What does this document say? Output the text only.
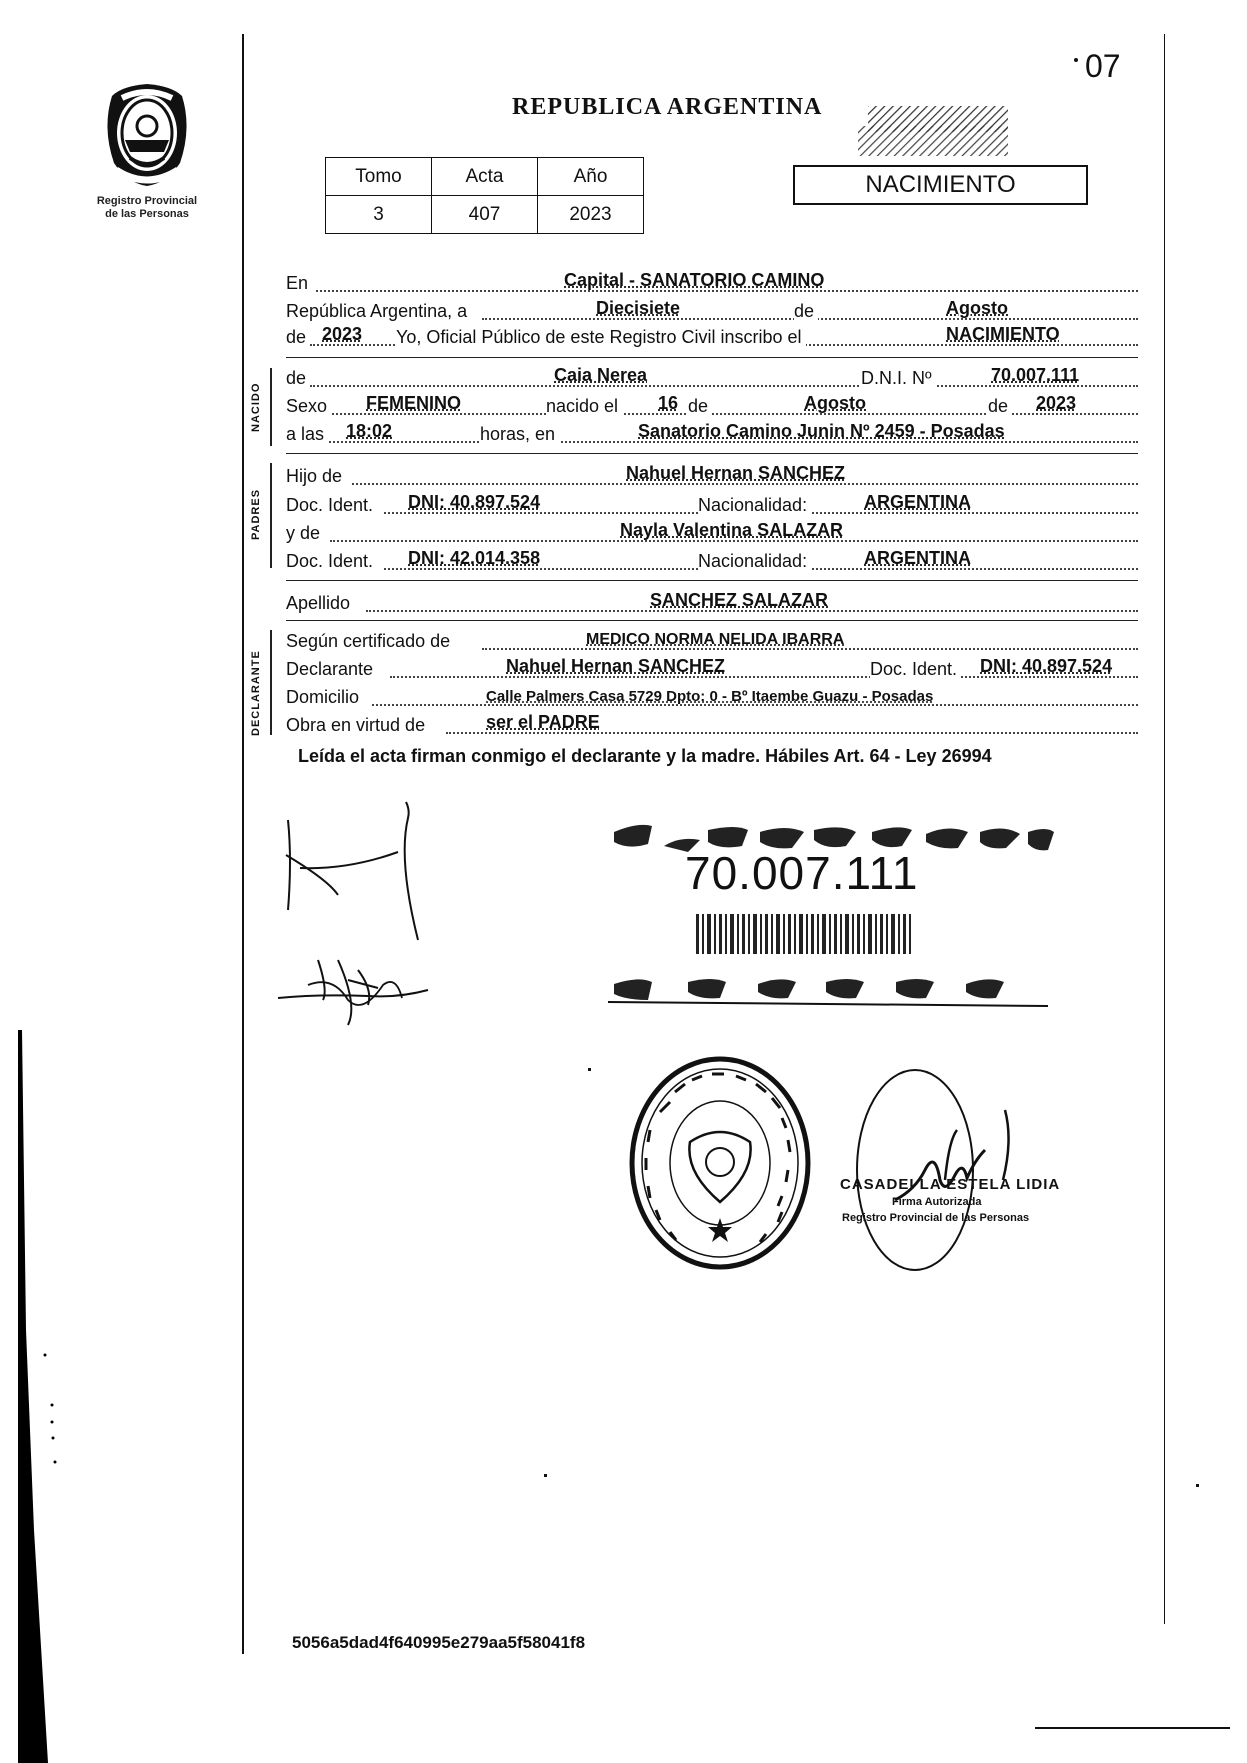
Registro Provincial
de las Personas
07
REPUBLICA ARGENTINA
Tomo	Acta	Año
3	407	2023
NACIMIENTO
En	Capital - SANATORIO CAMINO
República Argentina, a	Diecisiete	de	Agosto
de 2023 Yo, Oficial Público de este Registro Civil inscribo el	NACIMIENTO
NACIDO
de	Caia Nerea	D.N.I. Nº	70.007.111
Sexo FEMENINO	nacido el 16 de	Agosto	de 2023
a las 18:02	horas, en	Sanatorio Camino Junin Nº 2459 - Posadas
PADRES
Hijo de	Nahuel Hernan SANCHEZ
Doc. Ident. DNI: 40.897.524	Nacionalidad:	ARGENTINA
y de	Nayla Valentina SALAZAR
Doc. Ident. DNI: 42.014.358	Nacionalidad:	ARGENTINA
Apellido	SANCHEZ SALAZAR
DECLARANTE
Según certificado de	MEDICO NORMA NELIDA IBARRA
Declarante	Nahuel Hernan SANCHEZ	Doc. Ident. DNI: 40.897.524
Domicilio	Calle Palmers Casa 5729 Dpto: 0 - Bº Itaembe Guazu - Posadas
Obra en virtud de	ser el PADRE
Leída el acta firman conmigo el declarante y la madre. Hábiles Art. 64 - Ley 26994
70.007.111
CASADEI LA ESTELA LIDIA
Firma Autorizada
Registro Provincial de las Personas
5056a5dad4f640995e279aa5f58041f8
